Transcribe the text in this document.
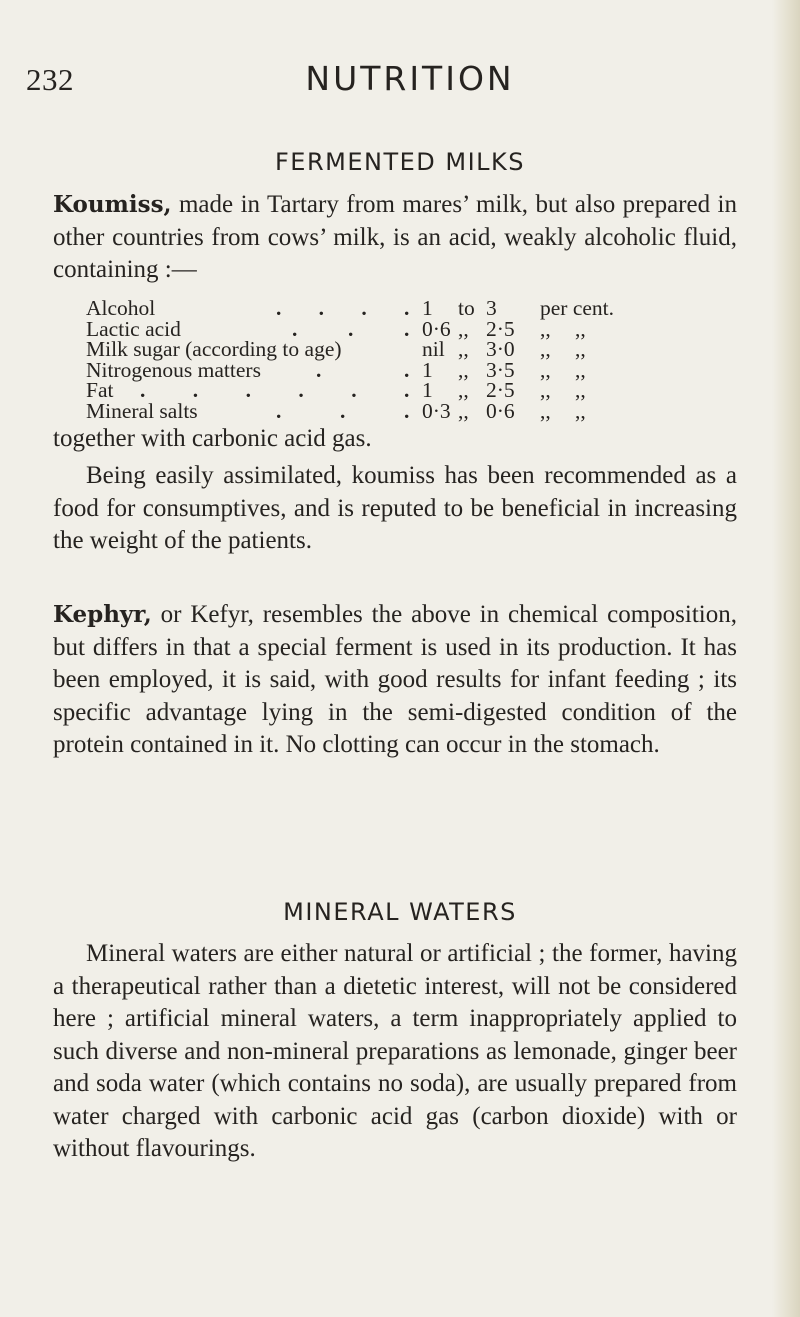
232	NUTRITION
FERMENTED MILKS

Koumiss, made in Tartary from mares’ milk, but also prepared in other countries from cows’ milk, is an acid, weakly alcoholic fluid, containing :—

Alcohol	1	to 3 per cent.
. . . .
Lactic acid	0·6 ,, 2·5 ,, ,,
. . .
Milk sugar (according to age)	nil ,, 3·0 ,, ,,
Nitrogenous matters	1	,, 3·5 ,, ,,
.	.
Fat	1	,, 2·5 ,, ,,
. . . . . .
Mineral salts	0·3 ,, 0·6 ,, ,,
.	.	.
together with carbonic acid gas.

Being easily assimilated, koumiss has been recommended as a food for consumptives, and is reputed to be beneficial in increasing the weight of the patients.

Kephyr, or Kefyr, resembles the above in chemical composition, but differs in that a special ferment is used in its production. It has been employed, it is said, with good results for infant feeding ; its specific advantage lying in the semi-digested condition of the protein contained in it. No clotting can occur in the stomach.

MINERAL WATERS

Mineral waters are either natural or artificial ; the former, having a therapeutical rather than a dietetic interest, will not be considered here ; artificial mineral waters, a term inappropriately applied to such diverse and non-mineral preparations as lemonade, ginger beer and soda water (which contains no soda), are usually prepared from water charged with carbonic acid gas (carbon dioxide) with or without flavourings.
